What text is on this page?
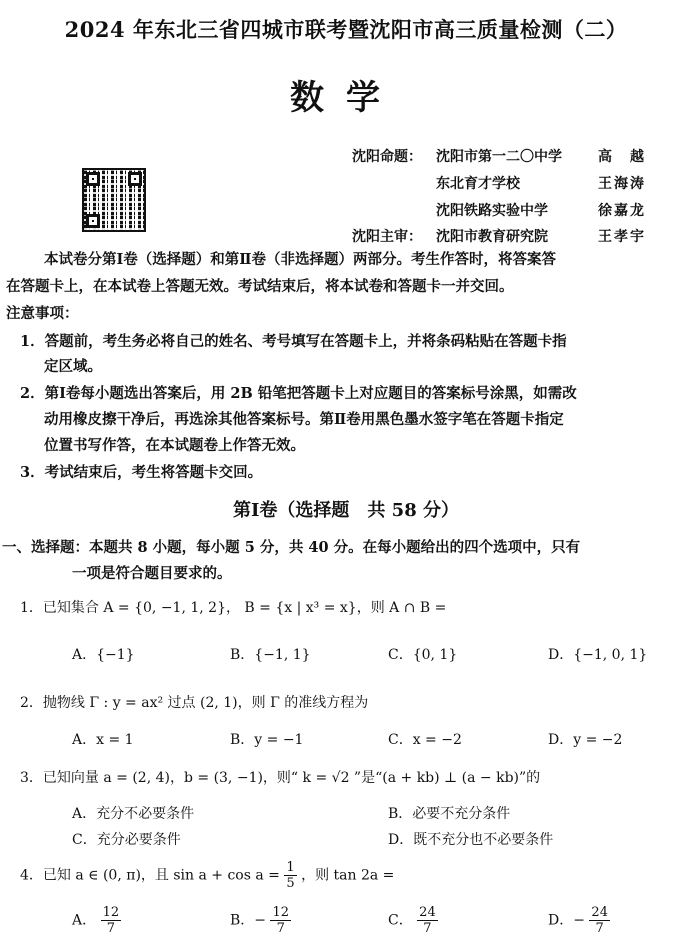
2024 年东北三省四城市联考暨沈阳市高三质量检测（二）
数学
沈阳命题： 沈阳市第一二〇中学	高　越
东北育才学校	王海涛
沈阳铁路实验中学	徐嘉龙
沈阳主审： 沈阳市教育研究院	王孝宇
本试卷分第Ⅰ卷（选择题）和第Ⅱ卷（非选择题）两部分。考生作答时，将答案答
在答题卡上，在本试卷上答题无效。考试结束后，将本试卷和答题卡一并交回。
注意事项：
1．答题前，考生务必将自己的姓名、考号填写在答题卡上，并将条码粘贴在答题卡指
定区域。
2．第Ⅰ卷每小题选出答案后，用 2B 铅笔把答题卡上对应题目的答案标号涂黑，如需改
动用橡皮擦干净后，再选涂其他答案标号。第Ⅱ卷用黑色墨水签字笔在答题卡指定
位置书写作答，在本试题卷上作答无效。
3．考试结束后，考生将答题卡交回。
第Ⅰ卷（选择题　共 58 分）
一、选择题：本题共 8 小题，每小题 5 分，共 40 分。在每小题给出的四个选项中，只有
一项是符合题目要求的。
1．已知集合 A = {0, −1, 1, 2}， B = {x | x³ = x}，则 A ∩ B =
A．{−1}	B．{−1, 1}	C．{0, 1}	D．{−1, 0, 1}
2．抛物线 Γ : y = ax² 过点 (2, 1)，则 Γ 的准线方程为
A．x = 1	B．y = −1	C．x = −2	D．y = −2
3．已知向量 a = (2, 4)，b = (3, −1)，则“ k = √2 ”是“(a + kb) ⊥ (a − kb)”的
A．充分不必要条件	B．必要不充分条件
C．充分必要条件	D．既不充分也不必要条件
4．已知 a ∈ (0, π)，且 $\sin a + \cos a = \frac{1}{5}$ ，则 tan 2a =
A． $\frac{12}{7}$	B．− $\frac{12}{7}$	C． $\frac{24}{7}$	D．− $\frac{24}{7}$
